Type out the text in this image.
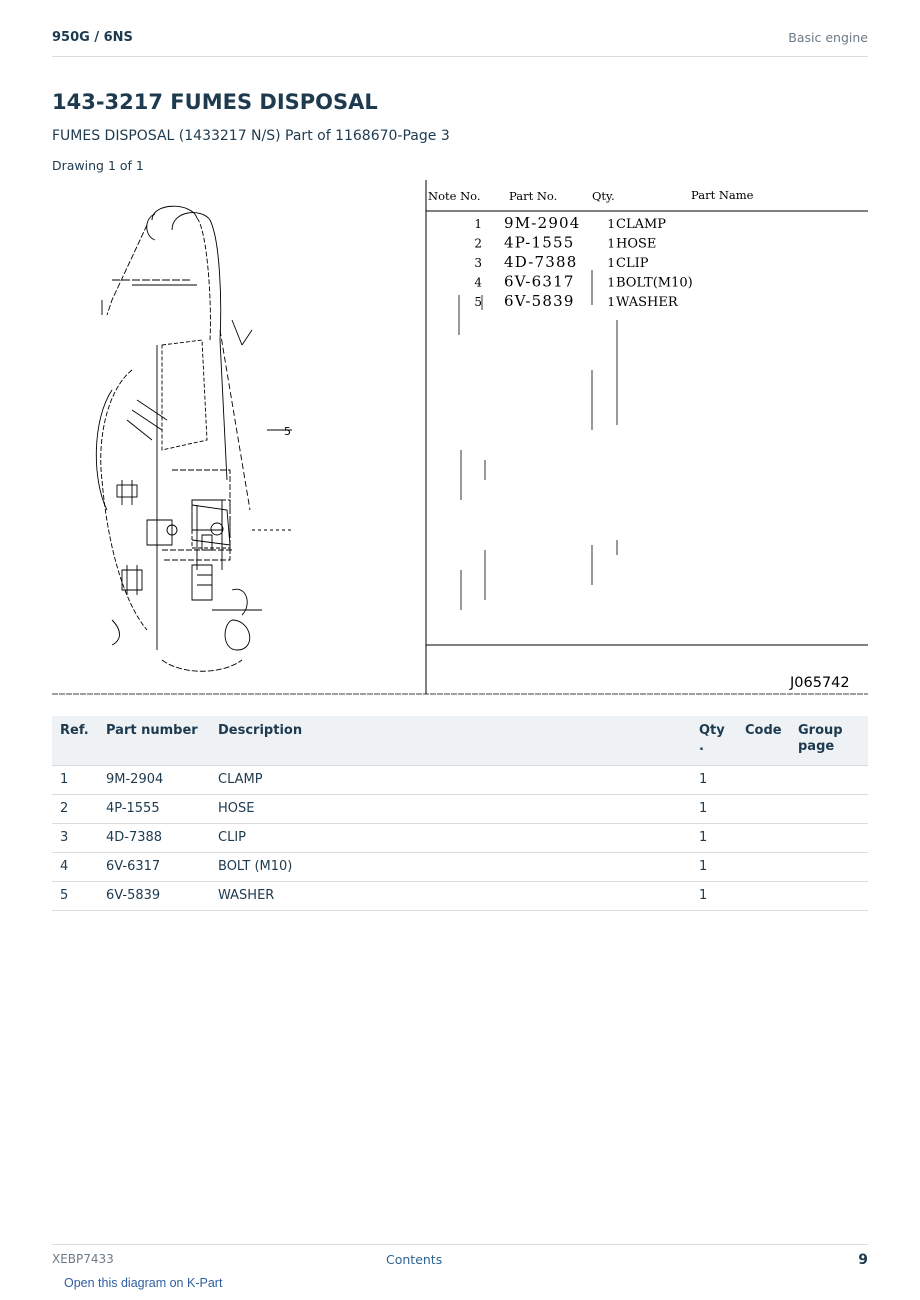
950G / 6NS	Basic engine
143-3217 FUMES DISPOSAL
FUMES DISPOSAL (1433217 N/S) Part of 1168670-Page 3
Drawing 1 of 1
5
Note No. Part No.	Qty.	Part Name
1 9M-2904 1 CLAMP
2 4P-1555	1 HOSE
3 4D-7388 1 CLIP
4 6V-6317	1 BOLT(M10)
5 6V-5839	1 WASHER
J065742
Ref.	Part number	Description	Qty .	Code	Group page
1	9M-2904	CLAMP	1		
2	4P-1555	HOSE	1		
3	4D-7388	CLIP	1		
4	6V-6317	BOLT (M10)	1		
5	6V-5839	WASHER	1		
XEBP7433	Contents	9
Open this diagram on K-Part
